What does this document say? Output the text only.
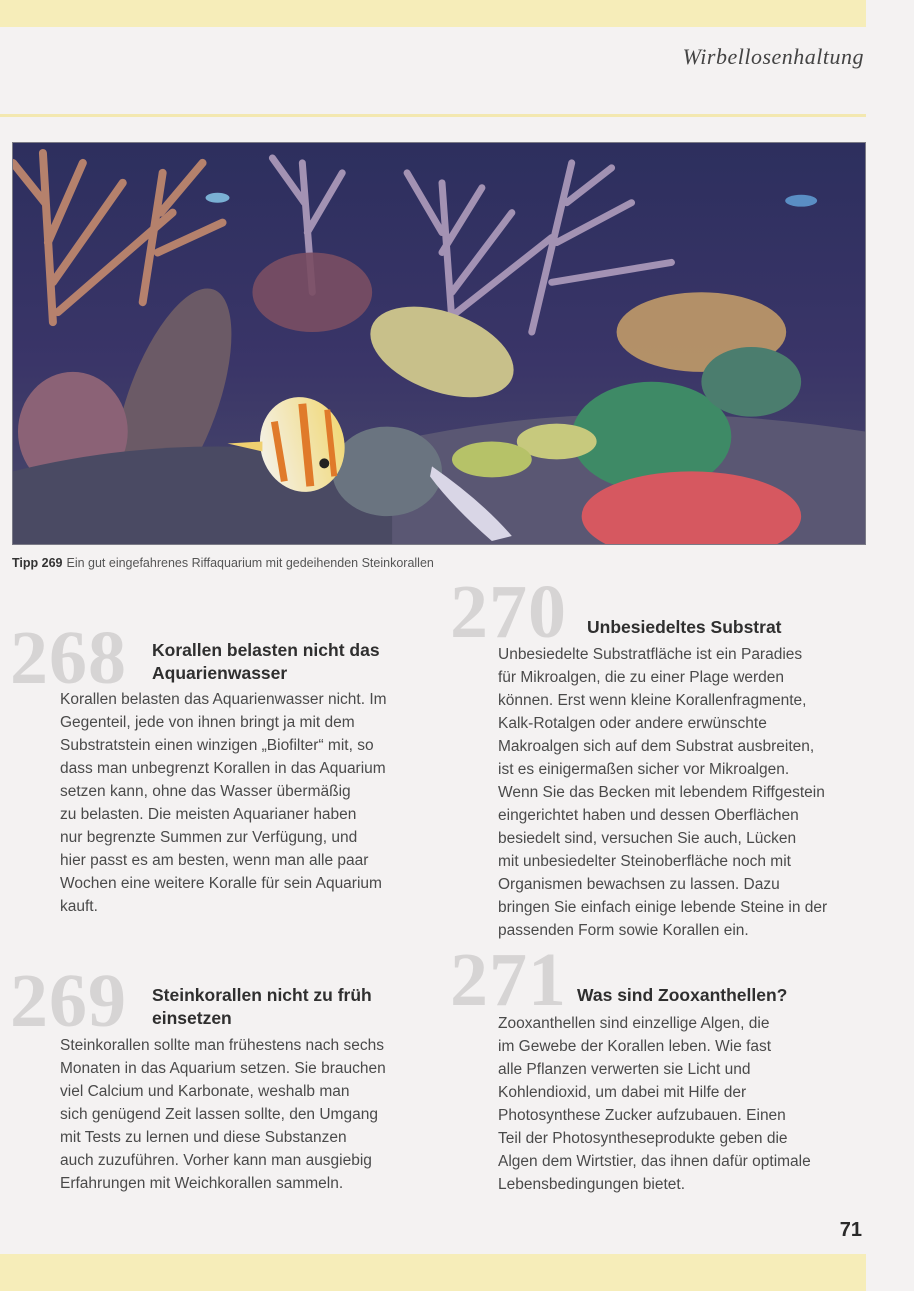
Wirbellosenhaltung
Tipp 269 Ein gut eingefahrenes Riffaquarium mit gedeihenden Steinkorallen
268 Korallen belasten nicht das
Aquarienwasser
Korallen belasten das Aquarienwasser nicht. Im
Gegenteil, jede von ihnen bringt ja mit dem
Substratstein einen winzigen „Biofilter“ mit, so
dass man unbegrenzt Korallen in das Aquarium
setzen kann, ohne das Wasser übermäßig
zu belasten. Die meisten Aquarianer haben
nur begrenzte Summen zur Verfügung, und
hier passt es am besten, wenn man alle paar
Wochen eine weitere Koralle für sein Aquarium
kauft.
269 Steinkorallen nicht zu früh
einsetzen
Steinkorallen sollte man frühestens nach sechs
Monaten in das Aquarium setzen. Sie brauchen
viel Calcium und Karbonate, weshalb man
sich genügend Zeit lassen sollte, den Umgang
mit Tests zu lernen und diese Substanzen
auch zuzuführen. Vorher kann man ausgiebig
Erfahrungen mit Weichkorallen sammeln.
270 Unbesiedeltes Substrat
Unbesiedelte Substratfläche ist ein Paradies
für Mikroalgen, die zu einer Plage werden
können. Erst wenn kleine Korallenfragmente,
Kalk-Rotalgen oder andere erwünschte
Makroalgen sich auf dem Substrat ausbreiten,
ist es einigermaßen sicher vor Mikroalgen.
Wenn Sie das Becken mit lebendem Riffgestein
eingerichtet haben und dessen Oberflächen
besiedelt sind, versuchen Sie auch, Lücken
mit unbesiedelter Steinoberfläche noch mit
Organismen bewachsen zu lassen. Dazu
bringen Sie einfach einige lebende Steine in der
passenden Form sowie Korallen ein.
271 Was sind Zooxanthellen?
Zooxanthellen sind einzellige Algen, die
im Gewebe der Korallen leben. Wie fast
alle Pflanzen verwerten sie Licht und
Kohlendioxid, um dabei mit Hilfe der
Photosynthese Zucker aufzubauen. Einen
Teil der Photosyntheseprodukte geben die
Algen dem Wirtstier, das ihnen dafür optimale
Lebensbedingungen bietet.
71
